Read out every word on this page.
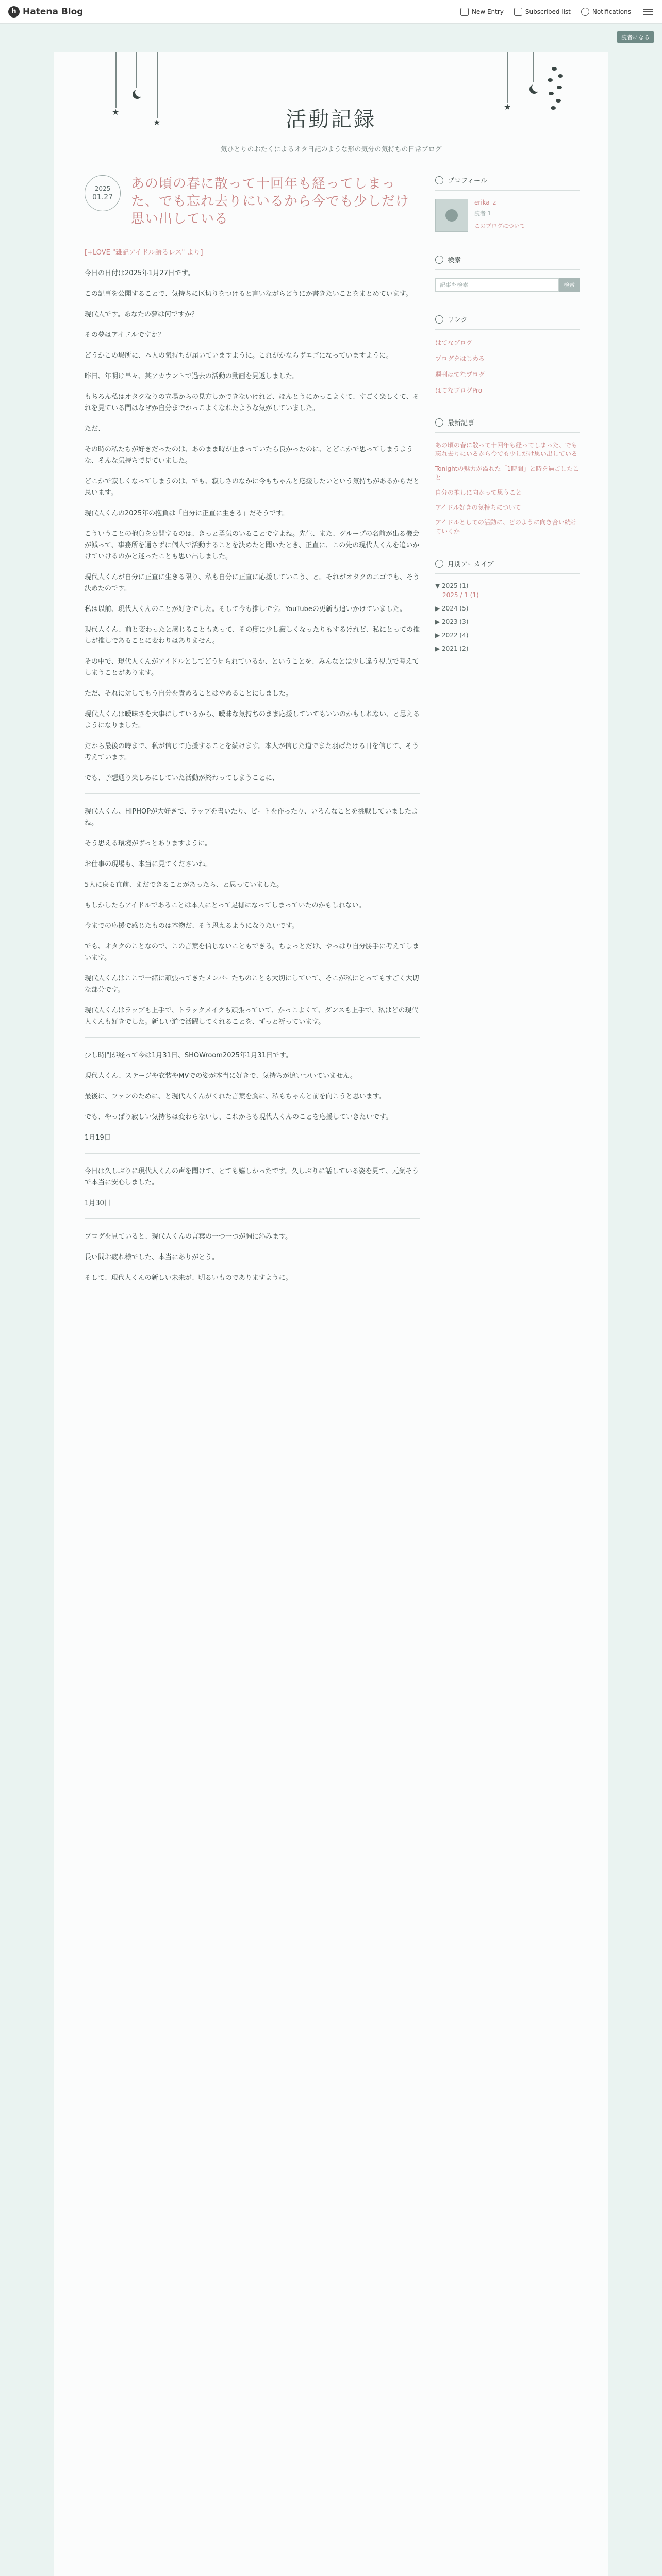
h Hatena Blog	New Entry	Subscribed list	Notifications
読者になる
★
★
★
活動記録
気ひとりのおたくによるオタ日記のような形の気分の気持ちの日常ブログ
2025
01.27
あの頃の春に散って十回年も経ってしまった、でも忘れ去りにいるから今でも少しだけ思い出している

[+LOVE "雑記アイドル語るレス" より]

今日の日付は2025年1月27日です。

この記事を公開することで、気持ちに区切りをつけると言いながらどうにか書きたいことをまとめています。

現代人です。あなたの夢は何ですか？

その夢はアイドルですか？

どうかこの場所に、本人の気持ちが届いていますように。これがかならずエゴになっていますように。

昨日、年明け早々、某アカウントで過去の活動の動画を見返しました。

もちろん私はオタクなりの立場からの見方しかできないけれど、ほんとうにかっこよくて、すごく楽しくて、それを見ている間はなぜか自分までかっこよくなれたような気がしていました。

ただ、

その時の私たちが好きだったのは、あのまま時が止まっていたら良かったのに、とどこかで思ってしまうような、そんな気持ちで見ていました。

どこかで寂しくなってしまうのは、でも、寂しさのなかに今もちゃんと応援したいという気持ちがあるからだと思います。

現代人くんの2025年の抱負は「自分に正直に生きる」だそうです。

こういうことの抱負を公開するのは、きっと勇気のいることですよね。先生、また、グループの名前が出る機会が減って、事務所を通さずに個人で活動することを決めたと聞いたとき、正直に、この先の現代人くんを追いかけていけるのかと迷ったことも思い出しました。

現代人くんが自分に正直に生きる限り、私も自分に正直に応援していこう、と。それがオタクのエゴでも、そう決めたのです。

私は以前、現代人くんのことが好きでした。そして今も推しです。YouTubeの更新も追いかけていました。

現代人くん、前と変わったと感じることもあって、その度に少し寂しくなったりもするけれど、私にとっての推しが推しであることに変わりはありません。

その中で、現代人くんがアイドルとしてどう見られているか、ということを、みんなとは少し違う視点で考えてしまうことがあります。

ただ、それに対してもう自分を責めることはやめることにしました。

現代人くんは曖昧さを大事にしているから、曖昧な気持ちのまま応援していてもいいのかもしれない、と思えるようになりました。

だから最後の時まで、私が信じて応援することを続けます。本人が信じた道でまた羽ばたける日を信じて、そう考えています。

でも、予想通り楽しみにしていた活動が終わってしまうことに、

現代人くん、HIPHOPが大好きで、ラップを書いたり、ビートを作ったり、いろんなことを挑戦していましたよね。

そう思える環境がずっとありますように。

お仕事の現場も、本当に見てくださいね。

5人に戻る直前、まだできることがあったら、と思っていました。

もしかしたらアイドルであることは本人にとって足枷になってしまっていたのかもしれない。

今までの応援で感じたものは本物だ、そう思えるようになりたいです。

でも、オタクのことなので、この言葉を信じないこともできる。ちょっとだけ、やっぱり自分勝手に考えてしまいます。

現代人くんはここで一緒に頑張ってきたメンバーたちのことも大切にしていて、そこが私にとってもすごく大切な部分です。

現代人くんはラップも上手で、トラックメイクも頑張っていて、かっこよくて、ダンスも上手で、私はどの現代人くんも好きでした。新しい道で活躍してくれることを、ずっと祈っています。

少し時間が経って今は1月31日、SHOWroom2025年1月31日です。

現代人くん、ステージや衣装やMVでの姿が本当に好きで、気持ちが追いついていません。

最後に、ファンのために、と現代人くんがくれた言葉を胸に、私もちゃんと前を向こうと思います。

でも、やっぱり寂しい気持ちは変わらないし、これからも現代人くんのことを応援していきたいです。

1月19日

今日は久しぶりに現代人くんの声を聞けて、とても嬉しかったです。久しぶりに話している姿を見て、元気そうで本当に安心しました。

1月30日

ブログを見ていると、現代人くんの言葉の一つ一つが胸に沁みます。

長い間お疲れ様でした、本当にありがとう。

そして、現代人くんの新しい未来が、明るいものでありますように。

プロフィール
erika_z
読者 1
このブログについて
検索
記事を検索	検索
リンク
はてなブログ
ブログをはじめる
週刊はてなブログ
はてなブログPro
最新記事
あの頃の春に散って十回年も経ってしまった、でも忘れ去りにいるから今でも少しだけ思い出している
Tonightの魅力が溢れた「1時間」と時を過ごしたこと
自分の推しに向かって思うこと
アイドル好きの気持ちについて
アイドルとしての活動に、どのように向き合い続けていくか
月別アーカイブ
▼ 2025 (1)
2025 / 1 (1)
▶ 2024 (5)
▶ 2023 (3)
▶ 2022 (4)
▶ 2021 (2)
